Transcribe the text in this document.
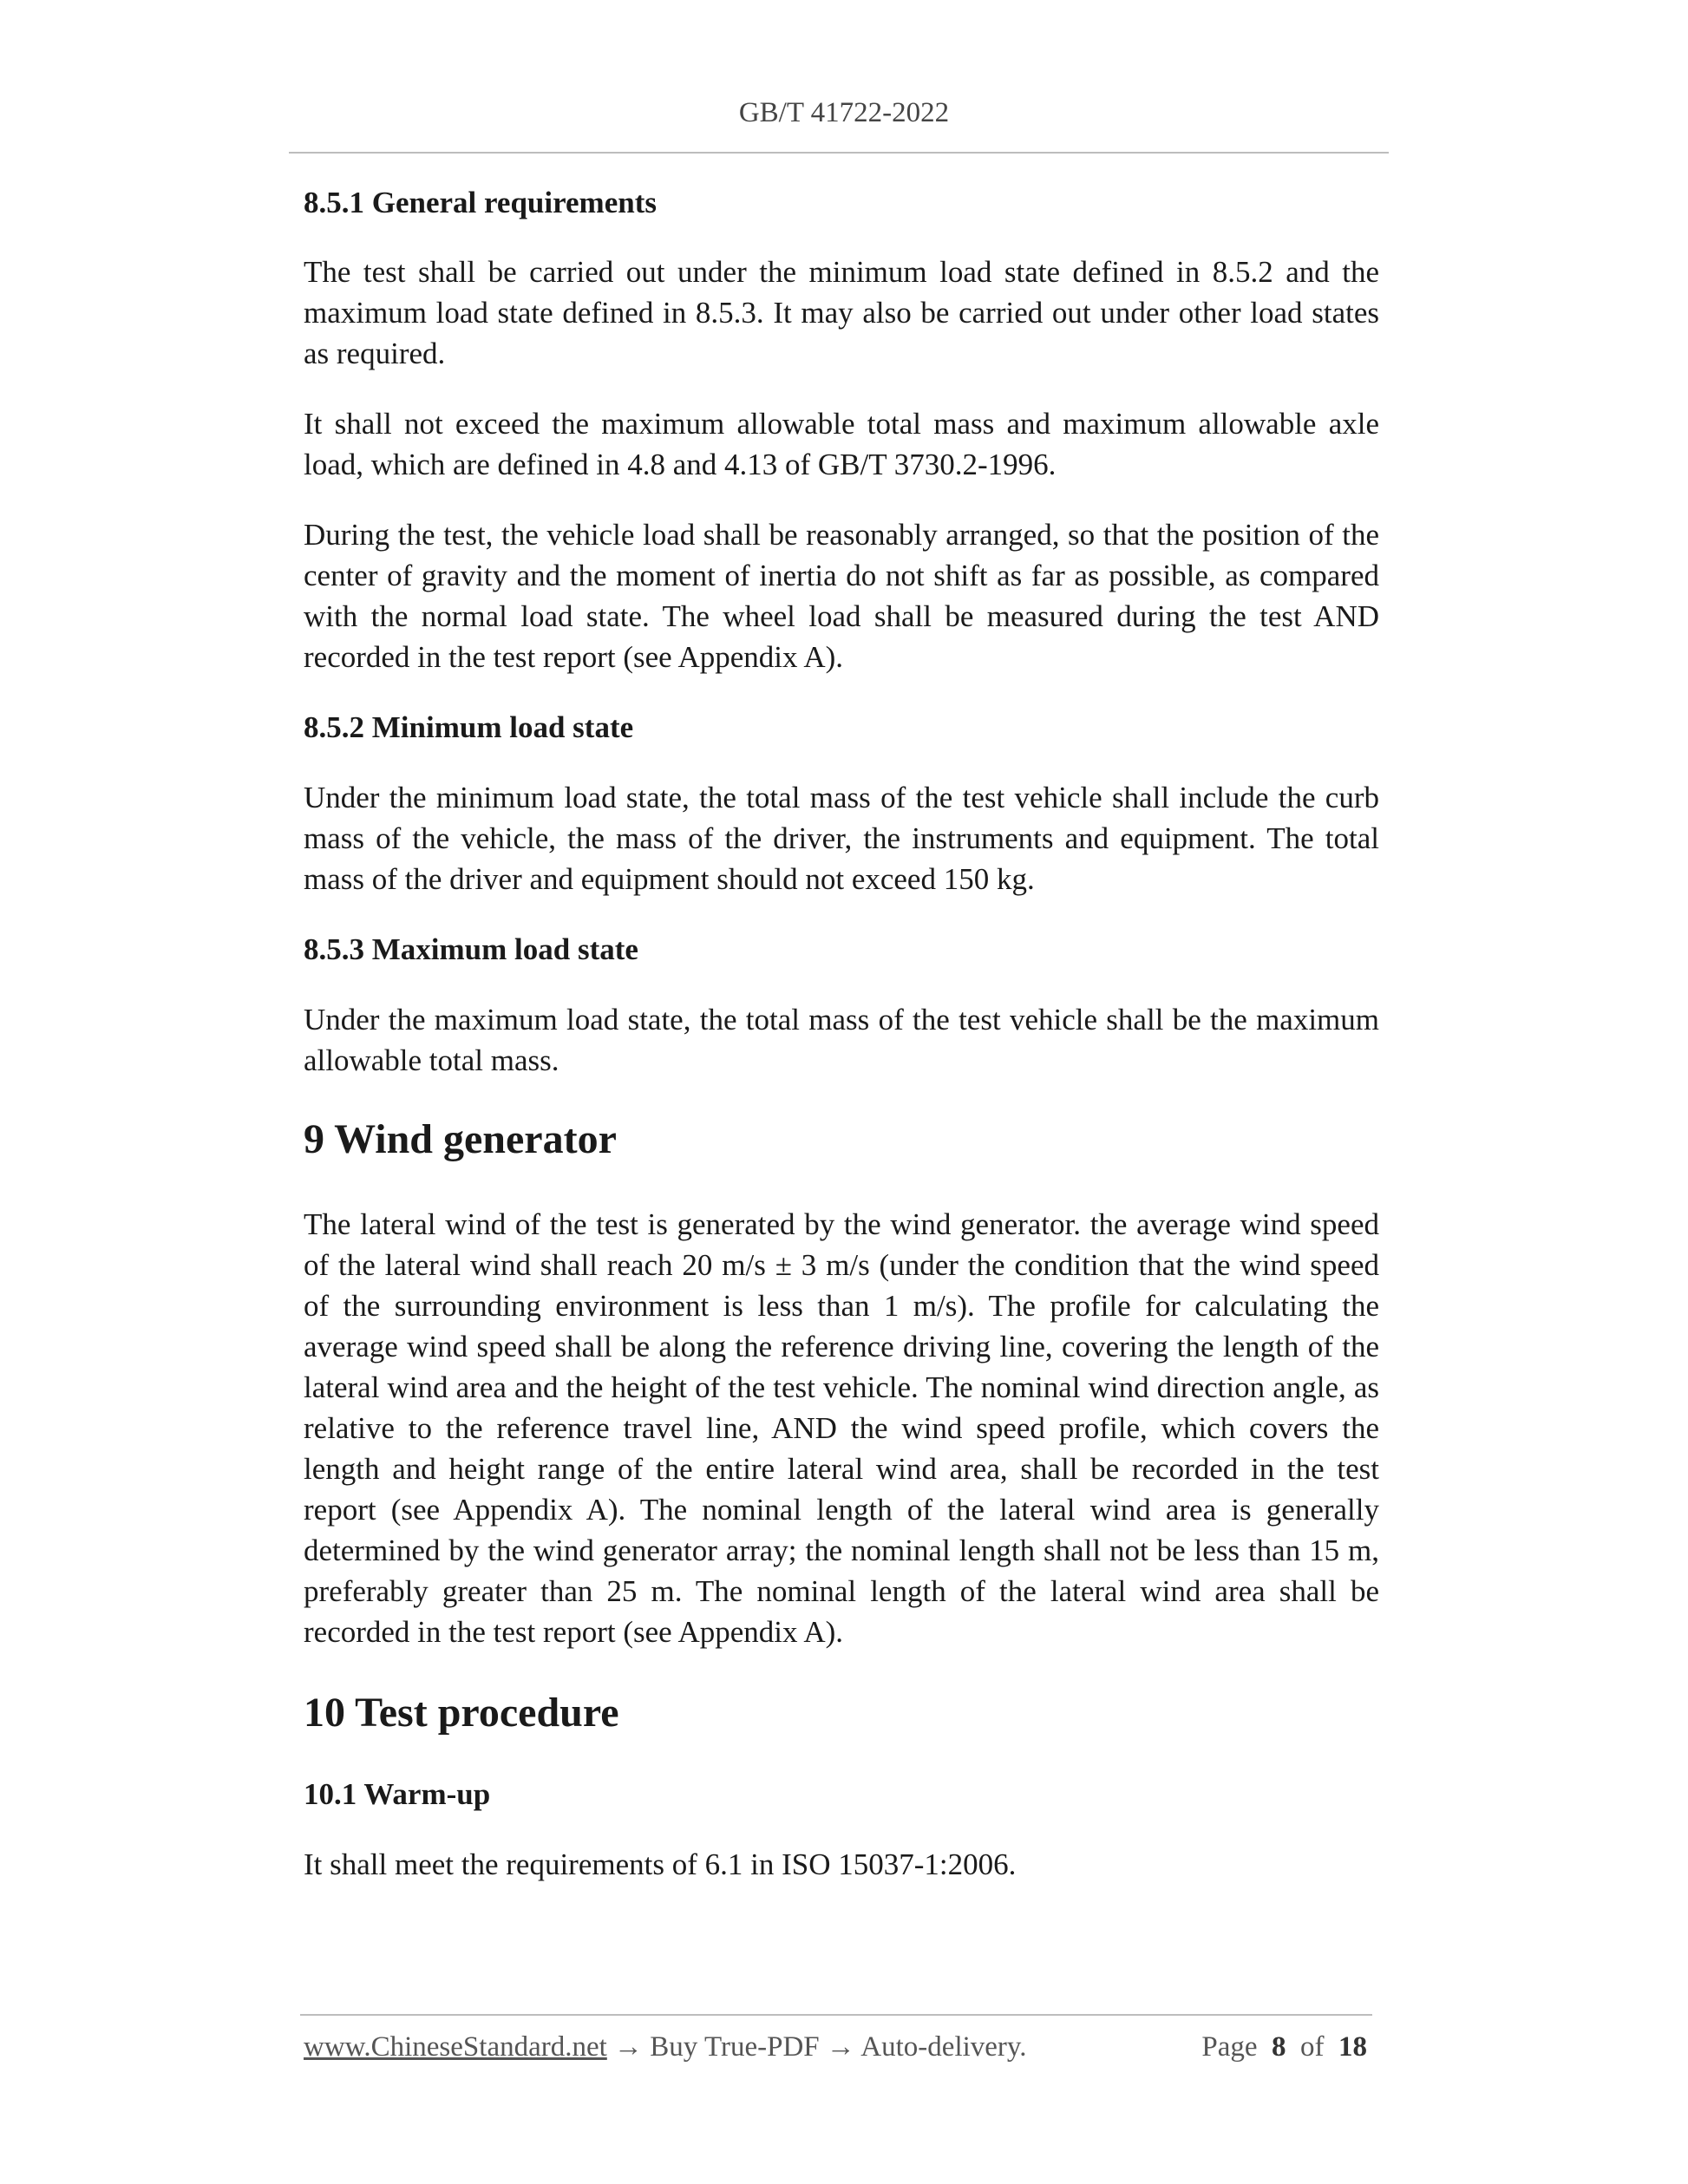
GB/T 41722-2022
8.5.1 General requirements

The test shall be carried out under the minimum load state defined in 8.5.2 and the maximum load state defined in 8.5.3. It may also be carried out under other load states as required.

It shall not exceed the maximum allowable total mass and maximum allowable axle load, which are defined in 4.8 and 4.13 of GB/T 3730.2-1996.

During the test, the vehicle load shall be reasonably arranged, so that the position of the center of gravity and the moment of inertia do not shift as far as possible, as compared with the normal load state. The wheel load shall be measured during the test AND recorded in the test report (see Appendix A).

8.5.2 Minimum load state

Under the minimum load state, the total mass of the test vehicle shall include the curb mass of the vehicle, the mass of the driver, the instruments and equipment. The total mass of the driver and equipment should not exceed 150 kg.

8.5.3 Maximum load state

Under the maximum load state, the total mass of the test vehicle shall be the maximum allowable total mass.

9 Wind generator

The lateral wind of the test is generated by the wind generator. the average wind speed of the lateral wind shall reach 20 m/s ± 3 m/s (under the condition that the wind speed of the surrounding environment is less than 1 m/s). The profile for calculating the average wind speed shall be along the reference driving line, covering the length of the lateral wind area and the height of the test vehicle. The nominal wind direction angle, as relative to the reference travel line, AND the wind speed profile, which covers the length and height range of the entire lateral wind area, shall be recorded in the test report (see Appendix A). The nominal length of the lateral wind area is generally determined by the wind generator array; the nominal length shall not be less than 15 m, preferably greater than 25 m. The nominal length of the lateral wind area shall be recorded in the test report (see Appendix A).

10 Test procedure
10.1 Warm-up

It shall meet the requirements of 6.1 in ISO 15037-1:2006.

www.ChineseStandard.net → Buy True-PDF → Auto-delivery.	Page 8 of 18
